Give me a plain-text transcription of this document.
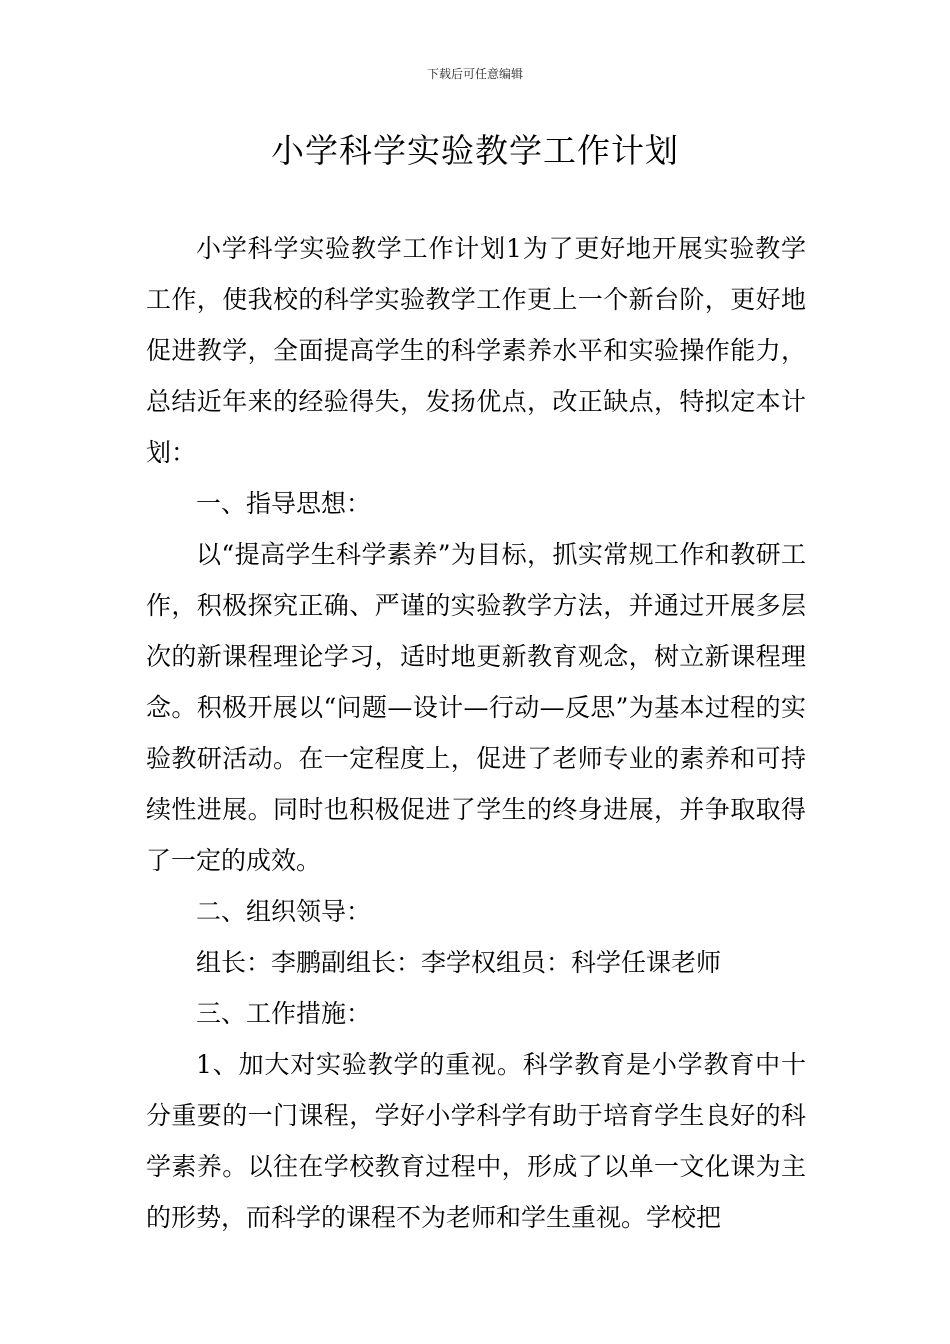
下载后可任意编辑
小学科学实验教学工作计划

小学科学实验教学工作计划1为了更好地开展实验教学工作，使我校的科学实验教学工作更上一个新台阶，更好地促进教学，全面提高学生的科学素养水平和实验操作能力，总结近年来的经验得失，发扬优点，改正缺点，特拟定本计划：

一、指导思想：

以“提高学生科学素养”为目标，抓实常规工作和教研工作，积极探究正确、严谨的实验教学方法，并通过开展多层次的新课程理论学习，适时地更新教育观念，树立新课程理念。积极开展以“问题—设计—行动—反思”为基本过程的实验教研活动。在一定程度上，促进了老师专业的素养和可持续性进展。同时也积极促进了学生的终身进展，并争取取得了一定的成效。

二、组织领导：

组长：李鹏副组长：李学权组员：科学任课老师

三、工作措施：

1、加大对实验教学的重视。科学教育是小学教育中十分重要的一门课程，学好小学科学有助于培育学生良好的科学素养。以往在学校教育过程中，形成了以单一文化课为主的形势，而科学的课程不为老师和学生重视。学校把
